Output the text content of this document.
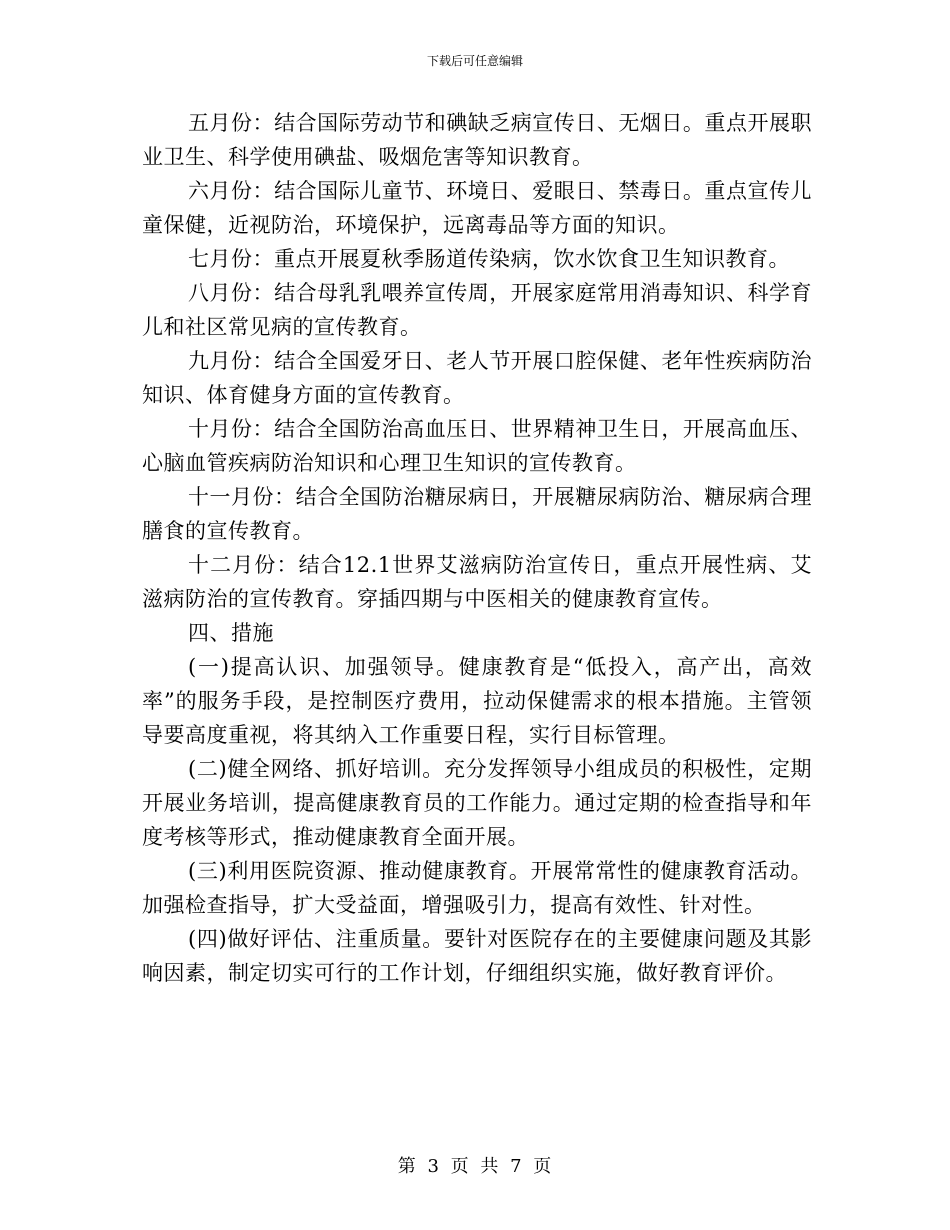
下载后可任意编辑

五月份：结合国际劳动节和碘缺乏病宣传日、无烟日。重点开展职业卫生、科学使用碘盐、吸烟危害等知识教育。

六月份：结合国际儿童节、环境日、爱眼日、禁毒日。重点宣传儿童保健，近视防治，环境保护，远离毒品等方面的知识。

七月份：重点开展夏秋季肠道传染病，饮水饮食卫生知识教育。

八月份：结合母乳乳喂养宣传周，开展家庭常用消毒知识、科学育儿和社区常见病的宣传教育。

九月份：结合全国爱牙日、老人节开展口腔保健、老年性疾病防治知识、体育健身方面的宣传教育。

十月份：结合全国防治高血压日、世界精神卫生日，开展高血压、心脑血管疾病防治知识和心理卫生知识的宣传教育。

十一月份：结合全国防治糖尿病日，开展糖尿病防治、糖尿病合理膳食的宣传教育。

十二月份：结合12.1世界艾滋病防治宣传日，重点开展性病、艾滋病防治的宣传教育。穿插四期与中医相关的健康教育宣传。

四、措施

(一)提高认识、加强领导。健康教育是“低投入，高产出，高效率”的服务手段，是控制医疗费用，拉动保健需求的根本措施。主管领导要高度重视，将其纳入工作重要日程，实行目标管理。

(二)健全网络、抓好培训。充分发挥领导小组成员的积极性，定期开展业务培训，提高健康教育员的工作能力。通过定期的检查指导和年度考核等形式，推动健康教育全面开展。

(三)利用医院资源、推动健康教育。开展常常性的健康教育活动。加强检查指导，扩大受益面，增强吸引力，提高有效性、针对性。

(四)做好评估、注重质量。要针对医院存在的主要健康问题及其影响因素，制定切实可行的工作计划，仔细组织实施，做好教育评价。

第 3 页 共 7 页
